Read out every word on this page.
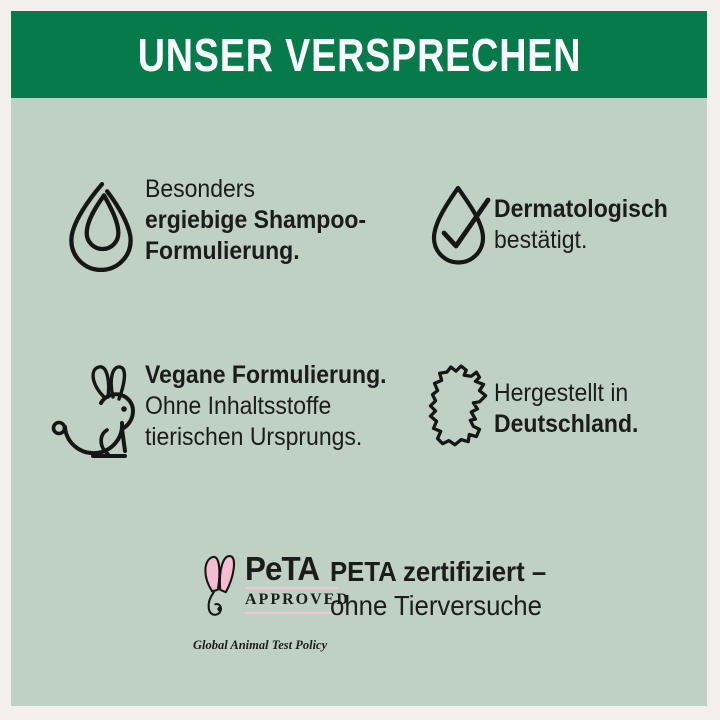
UNSER VERSPRECHEN
Besonders
ergiebige Shampoo-
Formulierung.
Dermatologisch
bestätigt.
Vegane Formulierung.
Ohne Inhaltsstoffe
tierischen Ursprungs.
Hergestellt in
Deutschland.
PeTA
APPROVED
Global Animal Test Policy
PETA zertifiziert –
ohne Tierversuche
